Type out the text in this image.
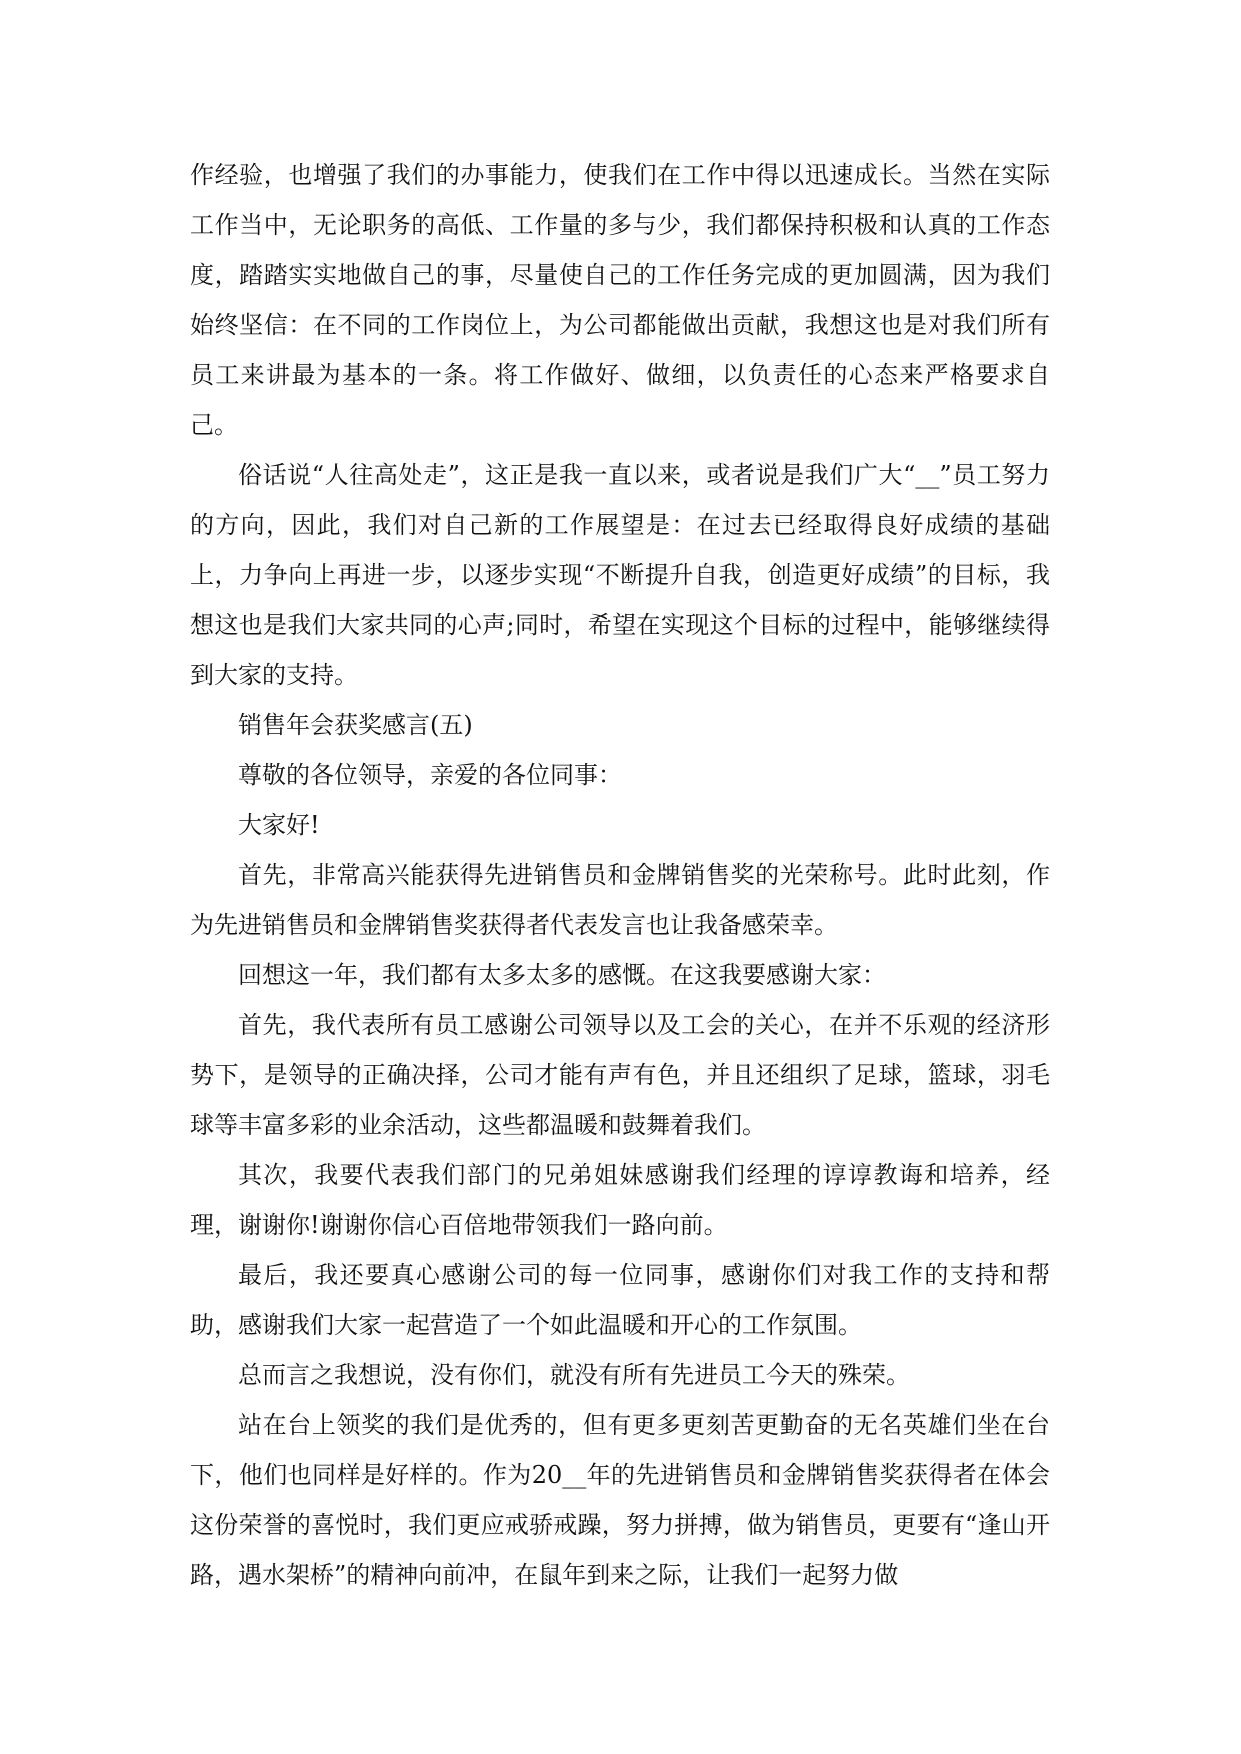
作经验，也增强了我们的办事能力，使我们在工作中得以迅速成长。当然在实际工作当中，无论职务的高低、工作量的多与少，我们都保持积极和认真的工作态度，踏踏实实地做自己的事，尽量使自己的工作任务完成的更加圆满，因为我们始终坚信：在不同的工作岗位上，为公司都能做出贡献，我想这也是对我们所有员工来讲最为基本的一条。将工作做好、做细，以负责任的心态来严格要求自己。

俗话说“人往高处走”，这正是我一直以来，或者说是我们广大“__”员工努力的方向，因此，我们对自己新的工作展望是：在过去已经取得良好成绩的基础上，力争向上再进一步，以逐步实现“不断提升自我，创造更好成绩”的目标，我想这也是我们大家共同的心声;同时，希望在实现这个目标的过程中，能够继续得到大家的支持。

销售年会获奖感言(五)

尊敬的各位领导，亲爱的各位同事：

大家好!

首先，非常高兴能获得先进销售员和金牌销售奖的光荣称号。此时此刻，作为先进销售员和金牌销售奖获得者代表发言也让我备感荣幸。

回想这一年，我们都有太多太多的感慨。在这我要感谢大家：

首先，我代表所有员工感谢公司领导以及工会的关心，在并不乐观的经济形势下，是领导的正确决择，公司才能有声有色，并且还组织了足球，篮球，羽毛球等丰富多彩的业余活动，这些都温暖和鼓舞着我们。

其次，我要代表我们部门的兄弟姐妹感谢我们经理的谆谆教诲和培养，经理，谢谢你!谢谢你信心百倍地带领我们一路向前。

最后，我还要真心感谢公司的每一位同事，感谢你们对我工作的支持和帮助，感谢我们大家一起营造了一个如此温暖和开心的工作氛围。

总而言之我想说，没有你们，就没有所有先进员工今天的殊荣。

站在台上领奖的我们是优秀的，但有更多更刻苦更勤奋的无名英雄们坐在台下，他们也同样是好样的。作为20__年的先进销售员和金牌销售奖获得者在体会这份荣誉的喜悦时，我们更应戒骄戒躁，努力拼搏，做为销售员，更要有“逢山开路，遇水架桥”的精神向前冲，在鼠年到来之际，让我们一起努力做
